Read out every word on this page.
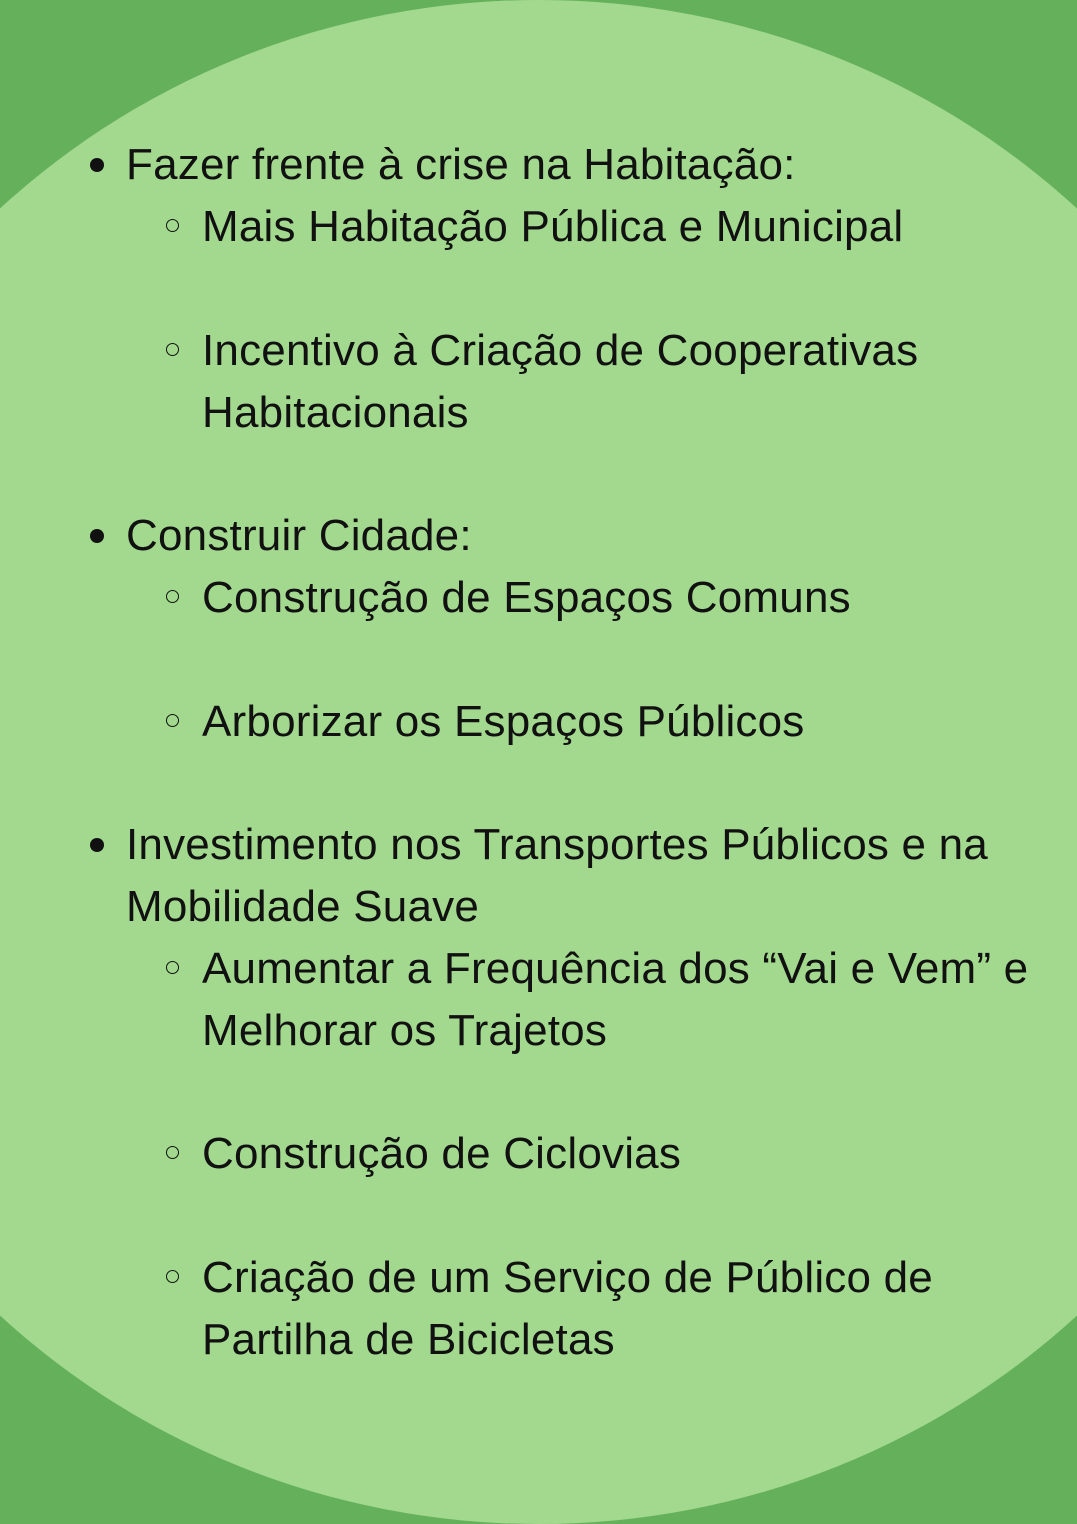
Fazer frente à crise na Habitação:
Mais Habitação Pública e Municipal
Incentivo à Criação de Cooperativas
Habitacionais
Construir Cidade:
Construção de Espaços Comuns
Arborizar os Espaços Públicos
Investimento nos Transportes Públicos e na
Mobilidade Suave
Aumentar a Frequência dos “Vai e Vem” e
Melhorar os Trajetos
Construção de Ciclovias
Criação de um Serviço de Público de
Partilha de Bicicletas
